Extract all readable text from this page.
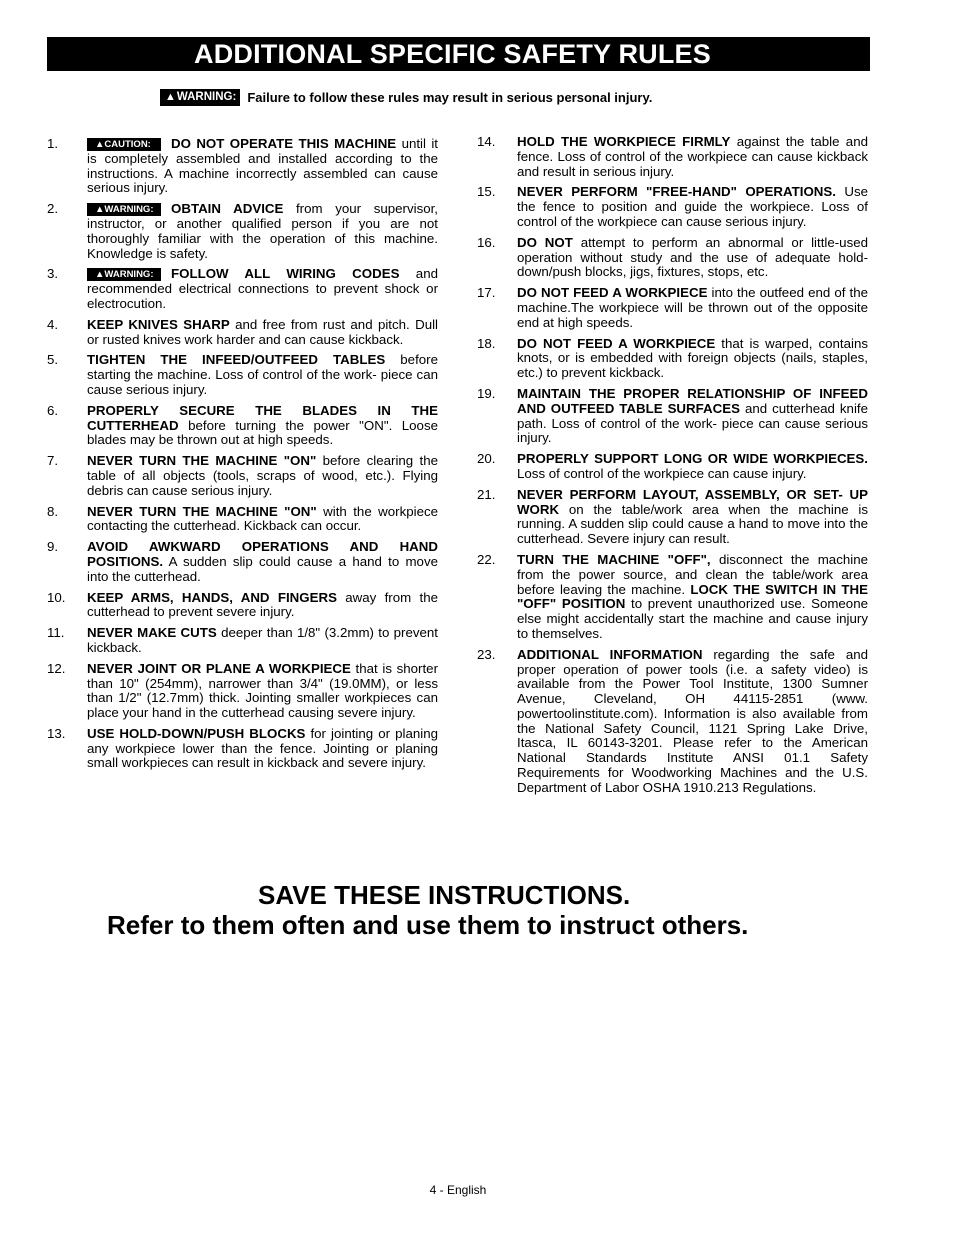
ADDITIONAL SPECIFIC SAFETY RULES
▲WARNING: Failure to follow these rules may result in serious personal injury.
1.	▲CAUTION: DO NOT OPERATE THIS MACHINE until it is completely assembled and installed according to the instructions. A machine incorrectly assembled can cause serious injury.
2.	▲WARNING: OBTAIN ADVICE from your supervisor, instructor, or another qualified person if you are not thoroughly familiar with the operation of this machine. Knowledge is safety.
3.	▲WARNING: FOLLOW ALL WIRING CODES and recommended electrical connections to prevent shock or electrocution.
4. KEEP KNIVES SHARP and free from rust and pitch. Dull or rusted knives work harder and can cause kickback.
5. TIGHTEN THE INFEED/OUTFEED TABLES before starting the machine. Loss of control of the work- piece can cause serious injury.
6. PROPERLY SECURE THE BLADES IN THE CUTTERHEAD before turning the power "ON". Loose blades may be thrown out at high speeds.
7. NEVER TURN THE MACHINE "ON" before clearing the table of all objects (tools, scraps of wood, etc.). Flying debris can cause serious injury.
8. NEVER TURN THE MACHINE "ON" with the workpiece contacting the cutterhead. Kickback can occur.
9. AVOID AWKWARD OPERATIONS AND HAND POSITIONS. A sudden slip could cause a hand to move into the cutterhead.
10. KEEP ARMS, HANDS, AND FINGERS away from the cutterhead to prevent severe injury.
11. NEVER MAKE CUTS deeper than 1/8" (3.2mm) to prevent kickback.
12. NEVER JOINT OR PLANE A WORKPIECE that is shorter than 10" (254mm), narrower than 3/4" (19.0MM), or less than 1/2" (12.7mm) thick. Jointing smaller workpieces can place your hand in the cutterhead causing severe injury.
13. USE HOLD-DOWN/PUSH BLOCKS for jointing or planing any workpiece lower than the fence. Jointing or planing small workpieces can result in kickback and severe injury.
14. HOLD THE WORKPIECE FIRMLY against the table and fence. Loss of control of the workpiece can cause kickback and result in serious injury.
15. NEVER PERFORM "FREE-HAND" OPERATIONS. Use the fence to position and guide the workpiece. Loss of control of the workpiece can cause serious injury.
16. DO NOT attempt to perform an abnormal or little-used operation without study and the use of adequate hold-down/push blocks, jigs, fixtures, stops, etc.
17. DO NOT FEED A WORKPIECE into the outfeed end of the machine.The workpiece will be thrown out of the opposite end at high speeds.
18. DO NOT FEED A WORKPIECE that is warped, contains knots, or is embedded with foreign objects (nails, staples, etc.) to prevent kickback.
19. MAINTAIN THE PROPER RELATIONSHIP OF INFEED AND OUTFEED TABLE SURFACES and cutterhead knife path. Loss of control of the work- piece can cause serious injury.
20. PROPERLY SUPPORT LONG OR WIDE WORKPIECES. Loss of control of the workpiece can cause injury.
21. NEVER PERFORM LAYOUT, ASSEMBLY, OR SET- UP WORK on the table/work area when the machine is running. A sudden slip could cause a hand to move into the cutterhead. Severe injury can result.
22. TURN THE MACHINE "OFF", disconnect the machine from the power source, and clean the table/work area before leaving the machine. LOCK THE SWITCH IN THE "OFF" POSITION to prevent unauthorized use. Someone else might accidentally start the machine and cause injury to themselves.
23. ADDITIONAL INFORMATION regarding the safe and proper operation of power tools (i.e. a safety video) is available from the Power Tool Institute, 1300 Sumner Avenue, Cleveland, OH 44115-2851 (www. powertoolinstitute.com). Information is also available from the National Safety Council, 1121 Spring Lake Drive, Itasca, IL 60143-3201. Please refer to the American National Standards Institute ANSI 01.1 Safety Requirements for Woodworking Machines and the U.S. Department of Labor OSHA 1910.213 Regulations.
SAVE THESE INSTRUCTIONS.
Refer to them often and use them to instruct others.
4 - English
